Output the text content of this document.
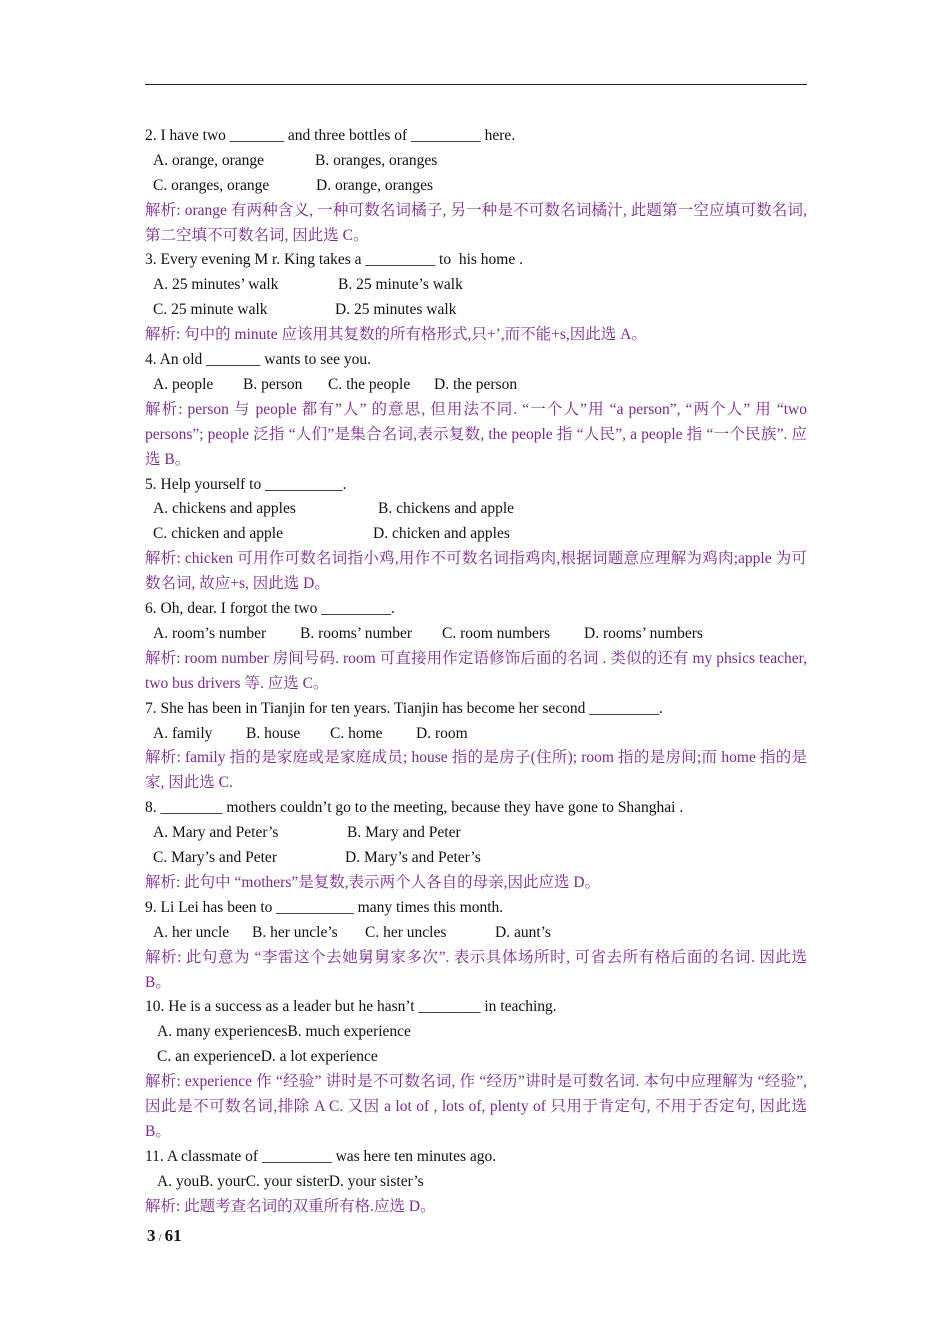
2. I have two _______ and three bottles of _________ here.
A. orange, orange	B. oranges, oranges
C. oranges, orange	D. orange, oranges
解析: orange 有两种含义, 一种可数名词橘子, 另一种是不可数名词橘汁, 此题第一空应填可数名词, 第二空填不可数名词, 因此选 C。
3. Every evening M r. King takes a _________ to  his home .
A. 25 minutes’ walk	B. 25 minute’s walk
C. 25 minute walk	D. 25 minutes walk
解析: 句中的 minute 应该用其复数的所有格形式,只+’,而不能+s,因此选 A。
4. An old _______ wants to see you.
A. people B. person C. the people D. the person
解析: person 与 people 都有”人” 的意思, 但用法不同. “一个人”用 “a person”, “两个人” 用 “two persons”; people 泛指 “人们”是集合名词,表示复数, the people 指 “人民”, a people 指 “一个民族”. 应选 B。
5. Help yourself to __________.
A. chickens and apples	B. chickens and apple
C. chicken and apple	D. chicken and apples
解析: chicken 可用作可数名词指小鸡,用作不可数名词指鸡肉,根据词题意应理解为鸡肉;apple 为可数名词, 故应+s, 因此选 D。
6. Oh, dear. I forgot the two _________.
A. room’s number B. rooms’ number C. room numbers D. rooms’ numbers
解析: room number 房间号码. room 可直接用作定语修饰后面的名词 . 类似的还有 my phsics teacher, two bus drivers 等. 应选 C。
7. She has been in Tianjin for ten years. Tianjin has become her second _________.
A. family B. house C. home D. room
解析: family 指的是家庭或是家庭成员; house 指的是房子(住所); room 指的是房间;而 home 指的是家, 因此选 C.
8. ________ mothers couldn’t go to the meeting, because they have gone to Shanghai .
A. Mary and Peter’s	B. Mary and Peter
C. Mary’s and Peter	D. Mary’s and Peter’s
解析: 此句中 “mothers”是复数,表示两个人各自的母亲,因此应选 D。
9. Li Lei has been to __________ many times this month.
A. her uncle B. her uncle’s C. her uncles	D. aunt’s
解析: 此句意为 “李雷这个去她舅舅家多次”. 表示具体场所时, 可省去所有格后面的名词. 因此选 B。
10. He is a success as a leader but he hasn’t ________ in teaching.
A. many experiencesB. much experience
C. an experienceD. a lot experience
解析: experience 作 “经验” 讲时是不可数名词, 作 “经历”讲时是可数名词. 本句中应理解为 “经验”,因此是不可数名词,排除 A C. 又因 a lot of , lots of, plenty of 只用于肯定句, 不用于否定句, 因此选 B。
11. A classmate of _________ was here ten minutes ago.
A. youB. yourC. your sisterD. your sister’s
解析: 此题考查名词的双重所有格.应选 D。
3 / 61
